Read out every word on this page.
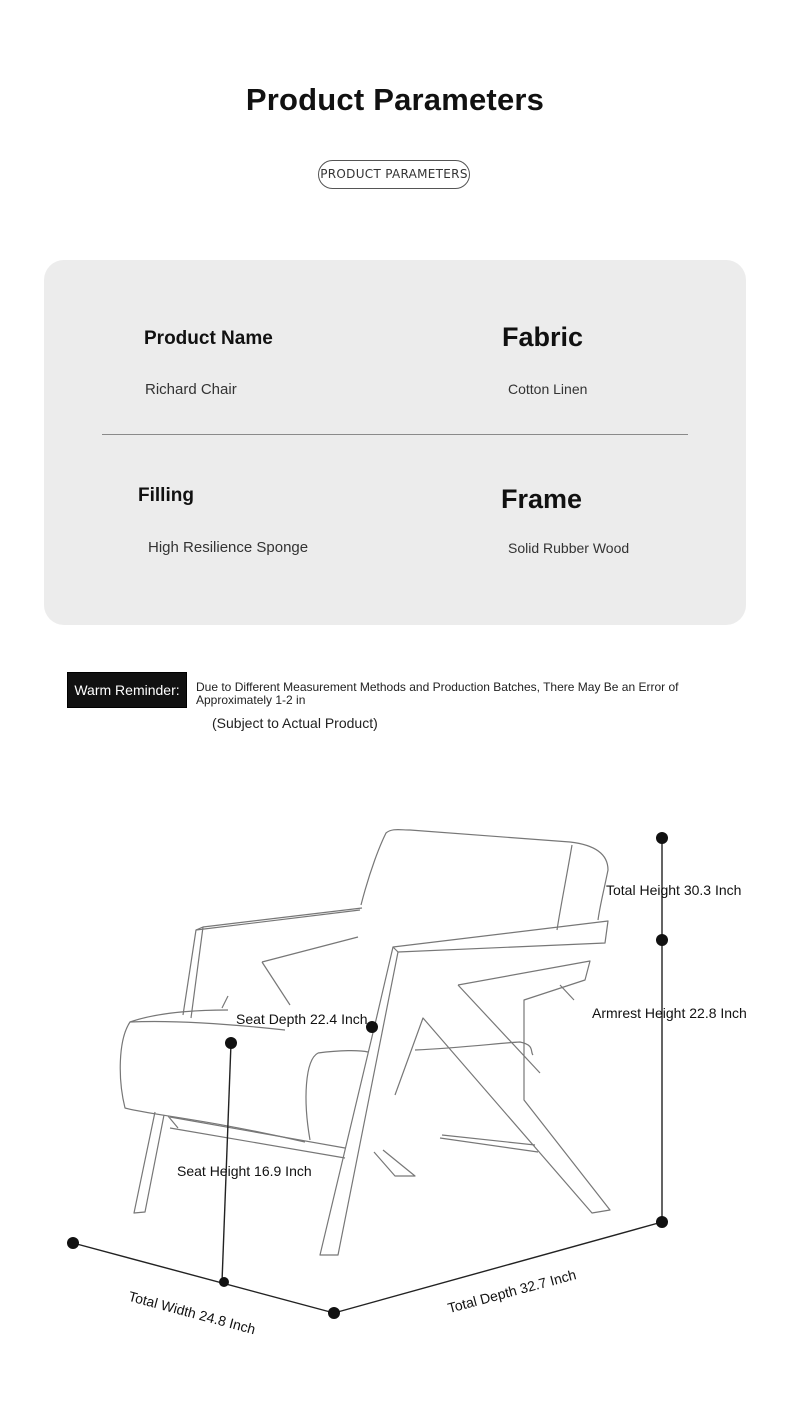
Product Parameters
PRODUCT PARAMETERS
Product Name
Richard Chair
Fabric
Cotton Linen
Filling
High Resilience Sponge
Frame
Solid Rubber Wood
Warm Reminder:	Due to Different Measurement Methods and Production Batches, There May Be an Error of Approximately 1-2 in
(Subject to Actual Product)
Total Height 30.3 Inch
Armrest Height 22.8 Inch
Seat Depth 22.4 Inch
Seat Height 16.9 Inch
Total Width 24.8 Inch	Total Depth 32.7 Inch
